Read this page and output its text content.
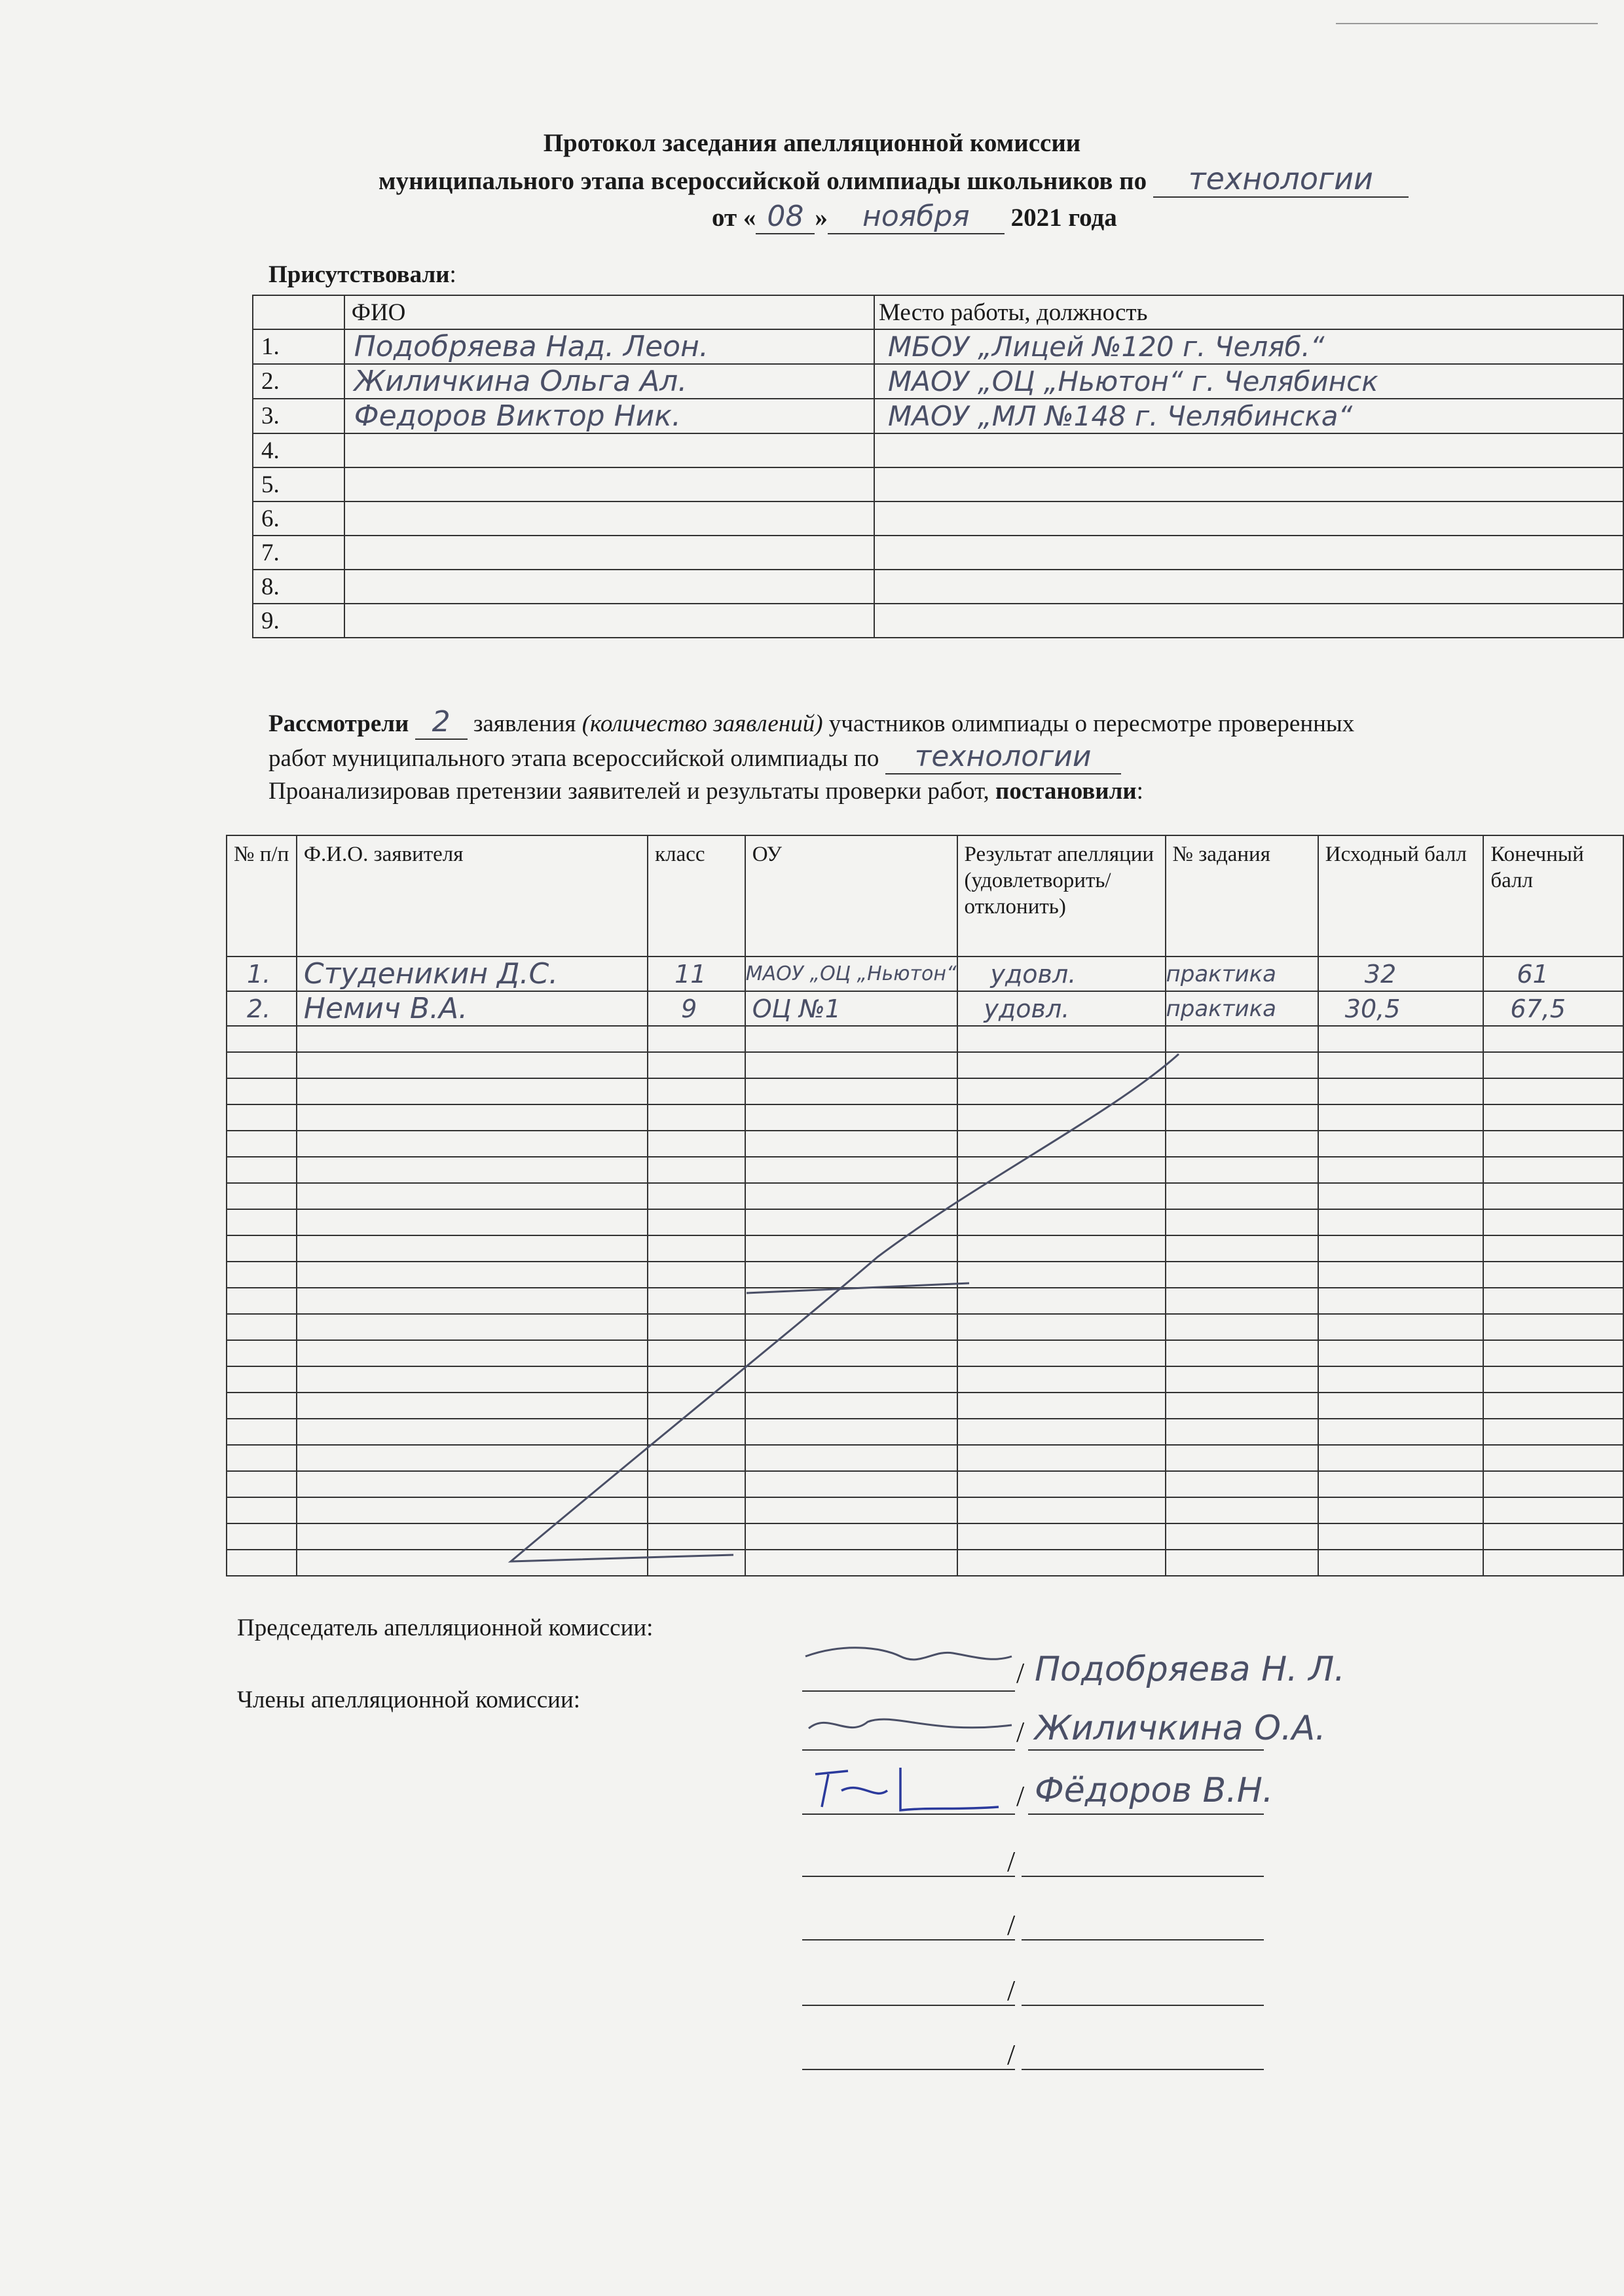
Протокол заседания апелляционной комиссии
муниципального этапа всероссийской олимпиады школьников по технологии
от « 08 » ноября 2021 года
Присутствовали:
	ФИО	Место работы, должность
1.	Подобряева Над. Леон.	МБОУ „Лицей №120 г. Челяб.“
2.	Жиличкина Ольга Ал.	МАОУ „ОЦ „Ньютон“ г. Челябинск
3.	Федоров Виктор Ник.	МАОУ „МЛ №148 г. Челябинска“
4.		
5.		
6.		
7.		
8.		
9.		
Рассмотрели 2 заявления (количество заявлений) участников олимпиады о пересмотре проверенных
работ муниципального этапа всероссийской олимпиады по технологии
Проанализировав претензии заявителей и результаты проверки работ, постановили:
№ п/п	Ф.И.О. заявителя	класс	ОУ	Результат апелляции (удовлетворить/ отклонить)	№ задания	Исходный балл	Конечный балл
1.	Студеникин Д.С.	11	МАОУ „ОЦ „Ньютон“	удовл.	практика	32	61
2.	Немич В.А.	9	ОЦ №1	удовл.	практика	30,5	67,5

Председатель апелляционной комиссии:
Члены апелляционной комиссии:
/ Подобряева Н. Л.
/ Жиличкина О.А.
/ Фёдоров В.Н.
/
/
/
/
